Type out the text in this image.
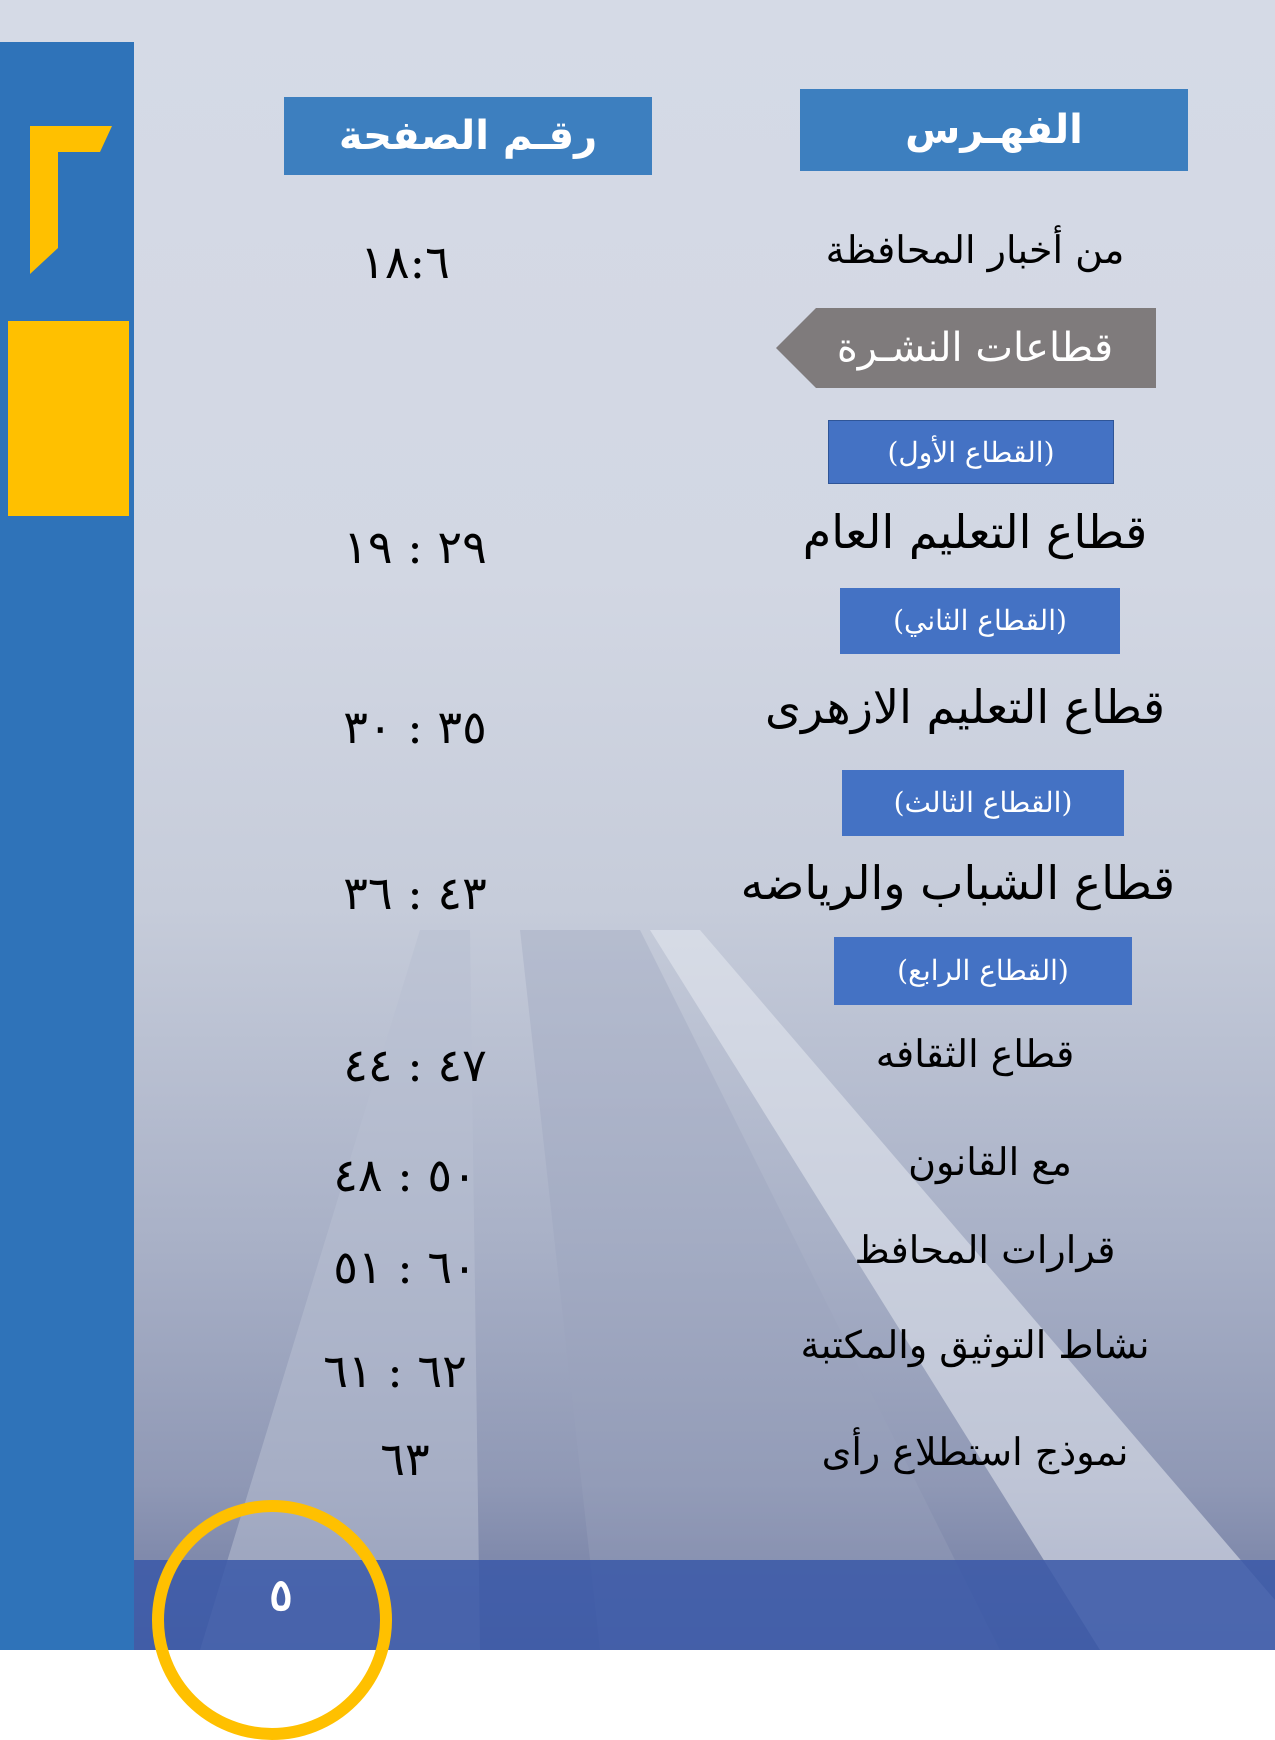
الفهـرس
رقـم الصفحة
من أخبار المحافظة
١٨:٦
قطاعات النشـرة
(القطاع الأول)
قطاع التعليم العام
٢٩ : ١٩
(القطاع الثاني)
قطاع التعليم الازهرى
٣٥ : ٣٠
(القطاع الثالث)
قطاع الشباب والرياضه
٤٣ : ٣٦
(القطاع الرابع)
قطاع الثقافه
٤٧ : ٤٤
مع القانون
٥٠ : ٤٨
قرارات المحافظ
٦٠ : ٥١
نشاط التوثيق والمكتبة
٦٢ : ٦١
نموذج استطلاع رأى
٦٣
٥
